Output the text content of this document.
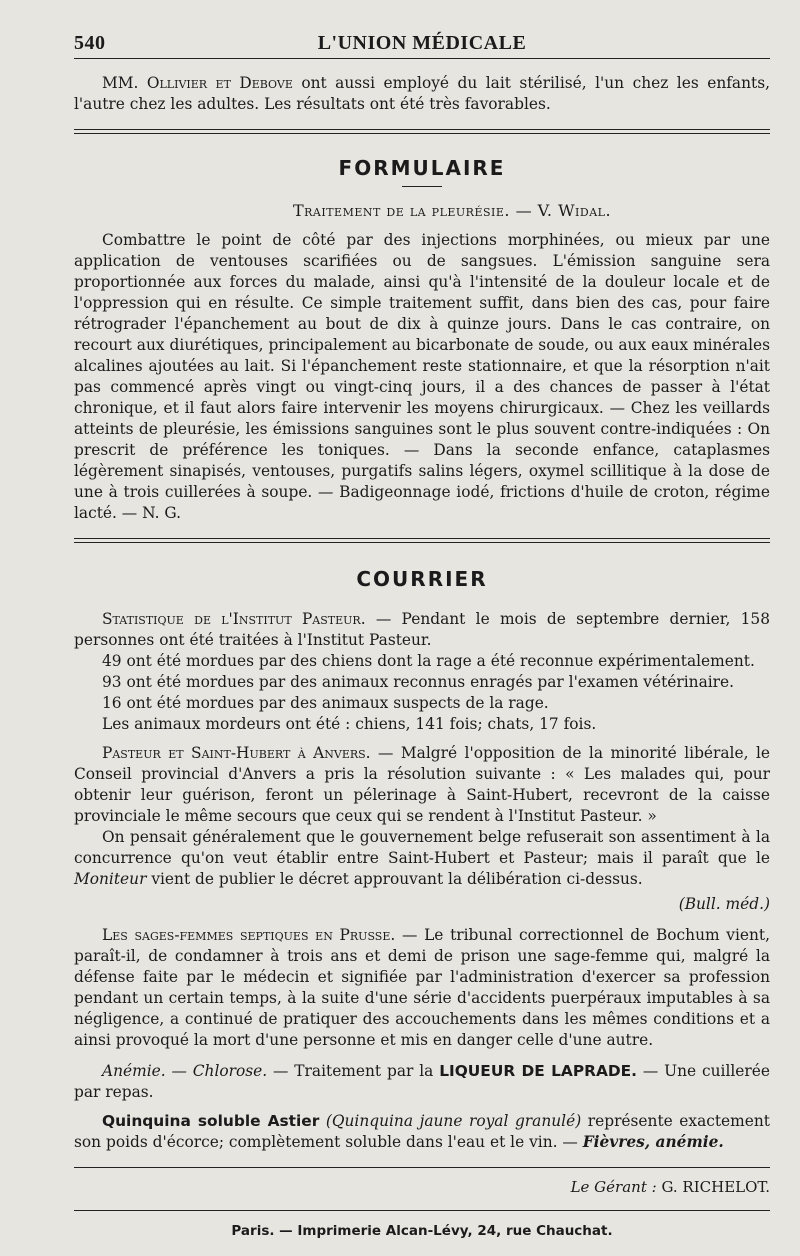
540	L'UNION MÉDICALE

MM. Ollivier et Debove ont aussi employé du lait stérilisé, l'un chez les enfants, l'autre chez les adultes. Les résultats ont été très favorables.

FORMULAIRE
Traitement de la pleurésie. — V. Widal.

Combattre le point de côté par des injections morphinées, ou mieux par une application de ventouses scarifiées ou de sangsues. L'émission sanguine sera proportionnée aux forces du malade, ainsi qu'à l'intensité de la douleur locale et de l'oppression qui en résulte. Ce simple traitement suffit, dans bien des cas, pour faire rétrograder l'épanchement au bout de dix à quinze jours. Dans le cas contraire, on recourt aux diurétiques, principalement au bicarbonate de soude, ou aux eaux minérales alcalines ajoutées au lait. Si l'épanchement reste stationnaire, et que la résorption n'ait pas commencé après vingt ou vingt-cinq jours, il a des chances de passer à l'état chronique, et il faut alors faire intervenir les moyens chirurgicaux. — Chez les veillards atteints de pleurésie, les émissions sanguines sont le plus souvent contre-indiquées : On prescrit de préférence les toniques. — Dans la seconde enfance, cataplasmes légèrement sinapisés, ventouses, purgatifs salins légers, oxymel scillitique à la dose de une à trois cuillerées à soupe. — Badigeonnage iodé, frictions d'huile de croton, régime lacté. — N. G.

COURRIER

Statistique de l'Institut Pasteur. — Pendant le mois de septembre dernier, 158 personnes ont été traitées à l'Institut Pasteur.

49 ont été mordues par des chiens dont la rage a été reconnue expérimentalement.
93 ont été mordues par des animaux reconnus enragés par l'examen vétérinaire.
16 ont été mordues par des animaux suspects de la rage.
Les animaux mordeurs ont été : chiens, 141 fois; chats, 17 fois.

Pasteur et Saint-Hubert à Anvers. — Malgré l'opposition de la minorité libérale, le Conseil provincial d'Anvers a pris la résolution suivante : « Les malades qui, pour obtenir leur guérison, feront un pélerinage à Saint-Hubert, recevront de la caisse provinciale le même secours que ceux qui se rendent à l'Institut Pasteur. »

On pensait généralement que le gouvernement belge refuserait son assentiment à la concurrence qu'on veut établir entre Saint-Hubert et Pasteur; mais il paraît que le Moniteur vient de publier le décret approuvant la délibération ci-dessus.

(Bull. méd.)

Les sages-femmes septiques en Prusse. — Le tribunal correctionnel de Bochum vient, paraît-il, de condamner à trois ans et demi de prison une sage-femme qui, malgré la défense faite par le médecin et signifiée par l'administration d'exercer sa profession pendant un certain temps, à la suite d'une série d'accidents puerpéraux imputables à sa négligence, a continué de pratiquer des accouchements dans les mêmes conditions et a ainsi provoqué la mort d'une personne et mis en danger celle d'une autre.

Anémie. — Chlorose. — Traitement par la LIQUEUR DE LAPRADE. — Une cuillerée par repas.

Quinquina soluble Astier (Quinquina jaune royal granulé) représente exactement son poids d'écorce; complètement soluble dans l'eau et le vin. — Fièvres, anémie.

Le Gérant : G. RICHELOT.
Paris. — Imprimerie Alcan-Lévy, 24, rue Chauchat.
